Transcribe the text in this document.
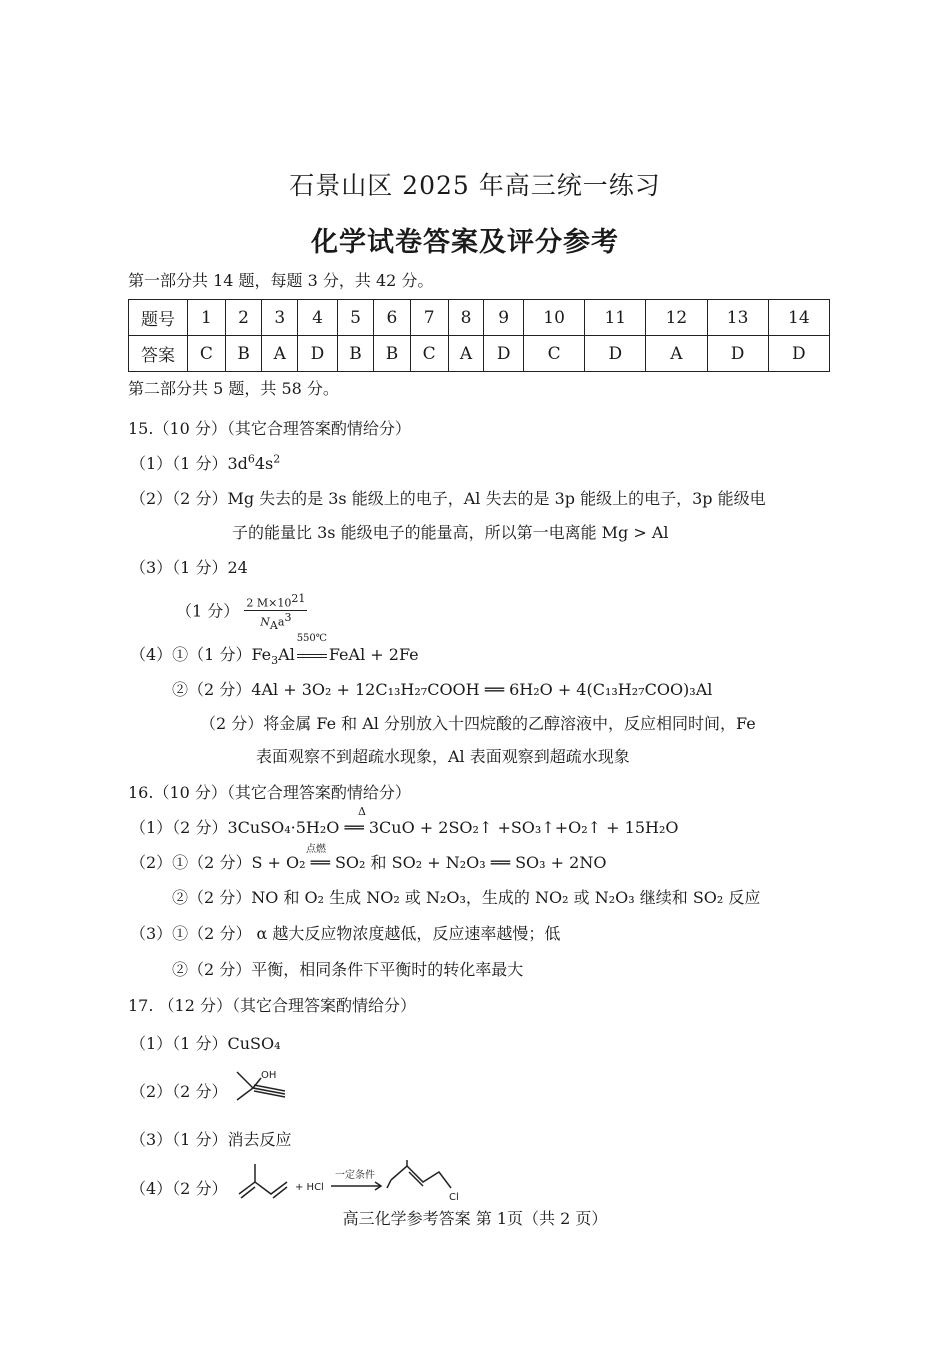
石景山区 2025 年高三统一练习
化学试卷答案及评分参考
第一部分共 14 题，每题 3 分，共 42 分。
题号	1	2	3	4	5	6	7	8	9	10	11	12	13	14
答案	C	B	A	D	B	B	C	A	D	C	D	A	D	D
第二部分共 5 题，共 58 分。
15.（10 分）（其它合理答案酌情给分）
（1）（1 分）$3d^64s^2$
（2）（2 分）Mg 失去的是 3s 能级上的电子，Al 失去的是 3p 能级上的电子，3p 能级电
子的能量比 3s 能级电子的能量高，所以第一电离能 Mg > Al
（3）（1 分）24
（1 分） $\frac{2 M\times 10^{21}}{N_Aa^3}$
（4）①（1 分）$Fe_3Al$
550℃
FeAl + 2Fe
②（2 分）4Al + 3O₂ + 12C₁₃H₂₇COOH ══ 6H₂O + 4(C₁₃H₂₇COO)₃Al
（2 分）将金属 Fe 和 Al 分别放入十四烷酸的乙醇溶液中，反应相同时间，Fe
表面观察不到超疏水现象，Al 表面观察到超疏水现象
16.（10 分）（其它合理答案酌情给分）
（1）（2 分）3CuSO₄·5H₂O ══ 3CuO + 2SO₂↑ +SO₃↑+O₂↑ + 15H₂O
Δ
（2）①（2 分）S + O₂ ══ SO₂ 和 SO₂ + N₂O₃ ══ SO₃ + 2NO
点燃
②（2 分）NO 和 O₂ 生成 NO₂ 或 N₂O₃，生成的 NO₂ 或 N₂O₃ 继续和 SO₂ 反应
（3）①（2 分） α 越大反应物浓度越低，反应速率越慢；低
②（2 分）平衡，相同条件下平衡时的转化率最大
17. （12 分）（其它合理答案酌情给分）
（1）（1 分）CuSO₄
（2）（2 分）
OH
（3）（1 分）消去反应
（4）（2 分）	+ HCl
一定条件
Cl
高三化学参考答案 第 1页（共 2 页）
